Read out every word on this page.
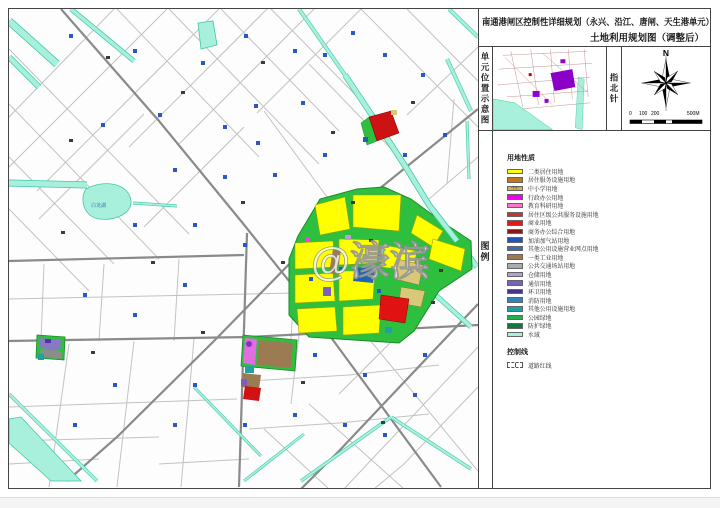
白龙湖
@濠滨
南通港闸区控制性详细规划（永兴、沿江、唐闸、天生港单元）
土地利用规划图（调整后）
单元位置示意图	指北针
N
0 100 200	500M
图例
用地性质
二类居住用地
居住服务设施用地
中小 中小学用地
行政办公用地
教育科研用地
居住区级公共服务设施用地
商业用地
商务办公综合用地
加油加气站用地
其他公用设施营业网点用地
一类工业用地
公共交通场站用地
仓储用地
通信用地
环卫用地
消防用地
其他公用设施用地
公园绿地
防护绿地
水域
控制线
道路红线
